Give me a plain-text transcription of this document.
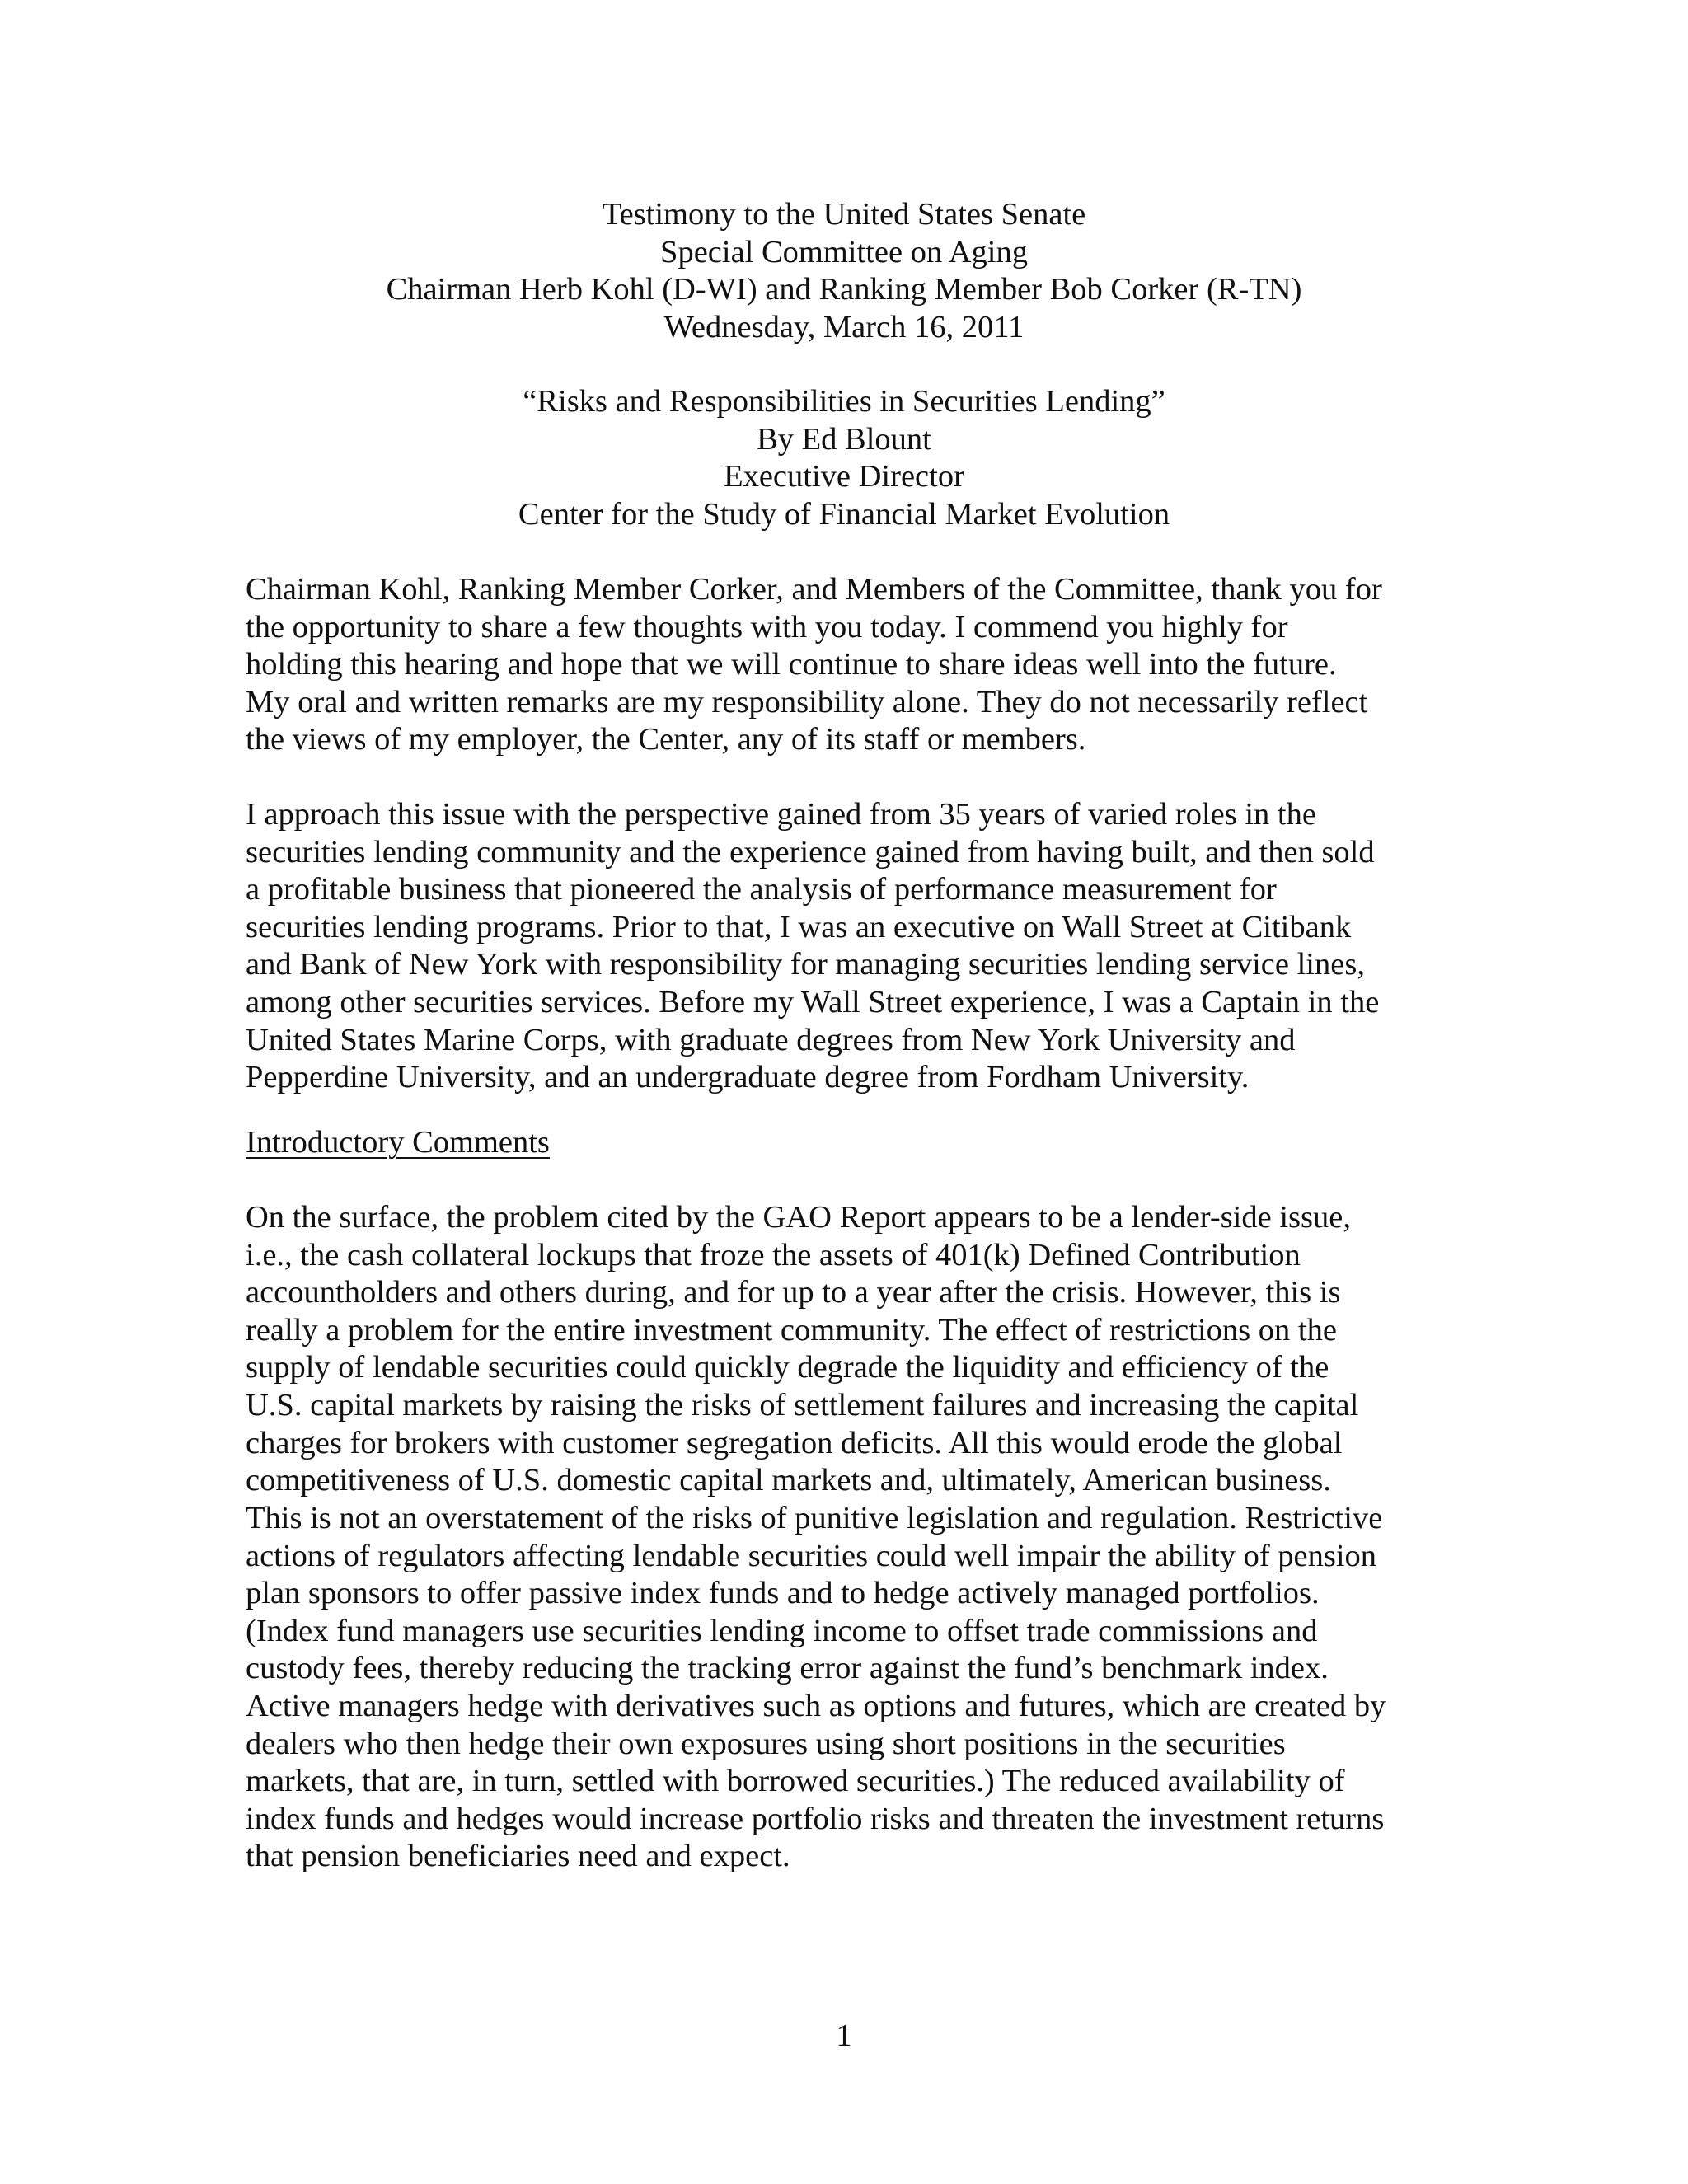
Testimony to the United States Senate
Special Committee on Aging
Chairman Herb Kohl (D-WI) and Ranking Member Bob Corker (R-TN)
Wednesday, March 16, 2011
“Risks and Responsibilities in Securities Lending”
By Ed Blount
Executive Director
Center for the Study of Financial Market Evolution
Chairman Kohl, Ranking Member Corker, and Members of the Committee, thank you for
the opportunity to share a few thoughts with you today. I commend you highly for
holding this hearing and hope that we will continue to share ideas well into the future.
My oral and written remarks are my responsibility alone. They do not necessarily reflect
the views of my employer, the Center, any of its staff or members.
I approach this issue with the perspective gained from 35 years of varied roles in the
securities lending community and the experience gained from having built, and then sold
a profitable business that pioneered the analysis of performance measurement for
securities lending programs. Prior to that, I was an executive on Wall Street at Citibank
and Bank of New York with responsibility for managing securities lending service lines,
among other securities services. Before my Wall Street experience, I was a Captain in the
United States Marine Corps, with graduate degrees from New York University and
Pepperdine University, and an undergraduate degree from Fordham University.
Introductory Comments
On the surface, the problem cited by the GAO Report appears to be a lender-side issue,
i.e., the cash collateral lockups that froze the assets of 401(k) Defined Contribution
accountholders and others during, and for up to a year after the crisis. However, this is
really a problem for the entire investment community. The effect of restrictions on the
supply of lendable securities could quickly degrade the liquidity and efficiency of the
U.S. capital markets by raising the risks of settlement failures and increasing the capital
charges for brokers with customer segregation deficits. All this would erode the global
competitiveness of U.S. domestic capital markets and, ultimately, American business.
This is not an overstatement of the risks of punitive legislation and regulation. Restrictive
actions of regulators affecting lendable securities could well impair the ability of pension
plan sponsors to offer passive index funds and to hedge actively managed portfolios.
(Index fund managers use securities lending income to offset trade commissions and
custody fees, thereby reducing the tracking error against the fund’s benchmark index.
Active managers hedge with derivatives such as options and futures, which are created by
dealers who then hedge their own exposures using short positions in the securities
markets, that are, in turn, settled with borrowed securities.) The reduced availability of
index funds and hedges would increase portfolio risks and threaten the investment returns
that pension beneficiaries need and expect.
1
